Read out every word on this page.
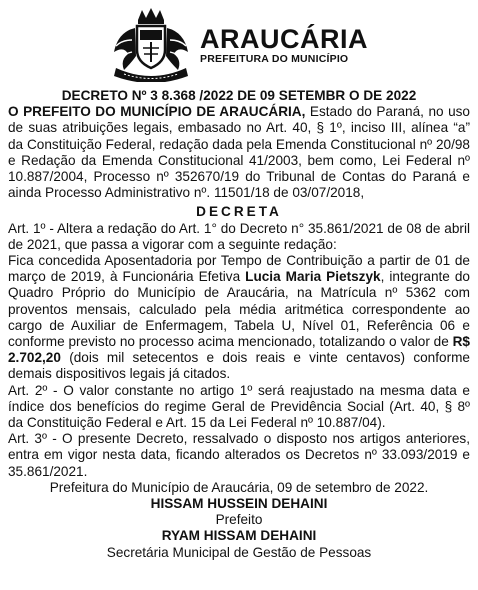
ARAUCÁRIA
PREFEITURA DO MUNICÍPIO

DECRETO Nº 3 8.368 /2022 DE 09 SETEMBR O DE 2022

O PREFEITO DO MUNICÍPIO DE ARAUCÁRIA, Estado do Paraná, no uso de suas atribuições legais, embasado no Art. 40, § 1º, inciso III, alínea “a” da Constituição Federal, redação dada pela Emenda Constitucional nº 20/98 e Redação da Emenda Constitucional 41/2003, bem como, Lei Federal nº 10.887/2004, Processo nº 352670/19 do Tribunal de Contas do Paraná e ainda Processo Administrativo nº. 11501/18 de 03/07/2018,

DECRETA

Art. 1º - Altera a redação do Art. 1° do Decreto n° 35.861/2021 de 08 de abril de 2021, que passa a vigorar com a seguinte redação:

Fica concedida Aposentadoria por Tempo de Contribuição a partir de 01 de março de 2019, à Funcionária Efetiva Lucia Maria Pietszyk, integrante do Quadro Próprio do Município de Araucária, na Matrícula nº 5362 com proventos mensais, calculado pela média aritmética correspondente ao cargo de Auxiliar de Enfermagem, Tabela U, Nível 01, Referência 06 e conforme previsto no processo acima mencionado, totalizando o valor de R$ 2.702,20 (dois mil setecentos e dois reais e vinte centavos) conforme demais dispositivos legais já citados.

Art. 2º - O valor constante no artigo 1º será reajustado na mesma data e índice dos benefícios do regime Geral de Previdência Social (Art. 40, § 8º da Constituição Federal e Art. 15 da Lei Federal nº 10.887/04).

Art. 3º - O presente Decreto, ressalvado o disposto nos artigos anteriores, entra em vigor nesta data, ficando alterados os Decretos nº 33.093/2019 e 35.861/2021.

Prefeitura do Município de Araucária, 09 de setembro de 2022.

HISSAM HUSSEIN DEHAINI

Prefeito

RYAM HISSAM DEHAINI

Secretária Municipal de Gestão de Pessoas
